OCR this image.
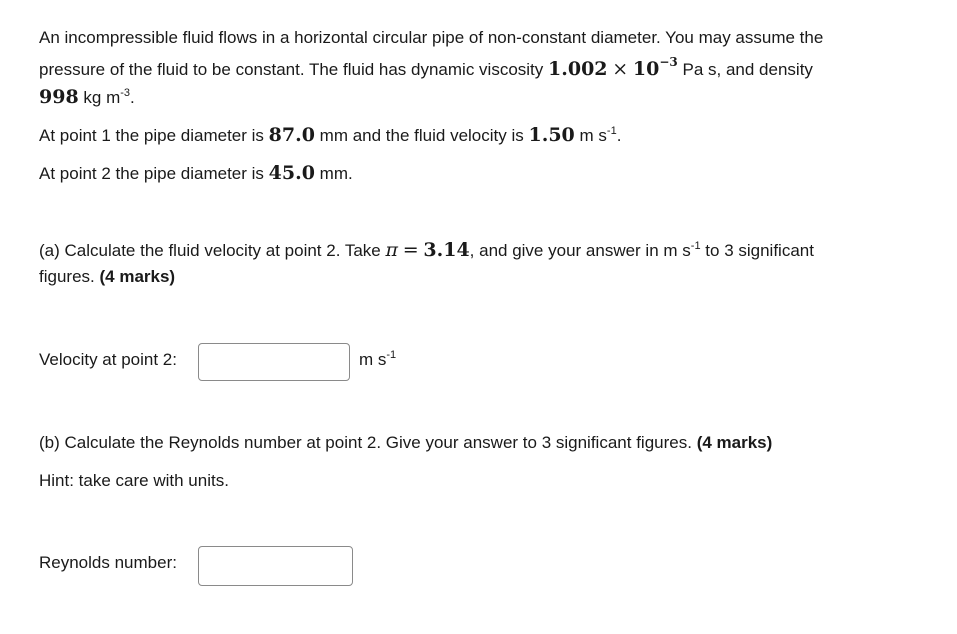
An incompressible fluid flows in a horizontal circular pipe of non-constant diameter. You may assume the
pressure of the fluid to be constant. The fluid has dynamic viscosity $1.002 \times 10^{-3}$ Pa s, and density
998 kg $m^{-3}$.
At point 1 the pipe diameter is 87.0 mm and the fluid velocity is 1.50 m $s^{-1}$.
At point 2 the pipe diameter is 45.0 mm.
(a) Calculate the fluid velocity at point 2. Take π = 3.14, and give your answer in m $s^{-1}$ to 3 significant
figures. (4 marks)
Velocity at point 2:	m $s^{-1}$
(b) Calculate the Reynolds number at point 2. Give your answer to 3 significant figures. (4 marks)
Hint: take care with units.
Reynolds number:
